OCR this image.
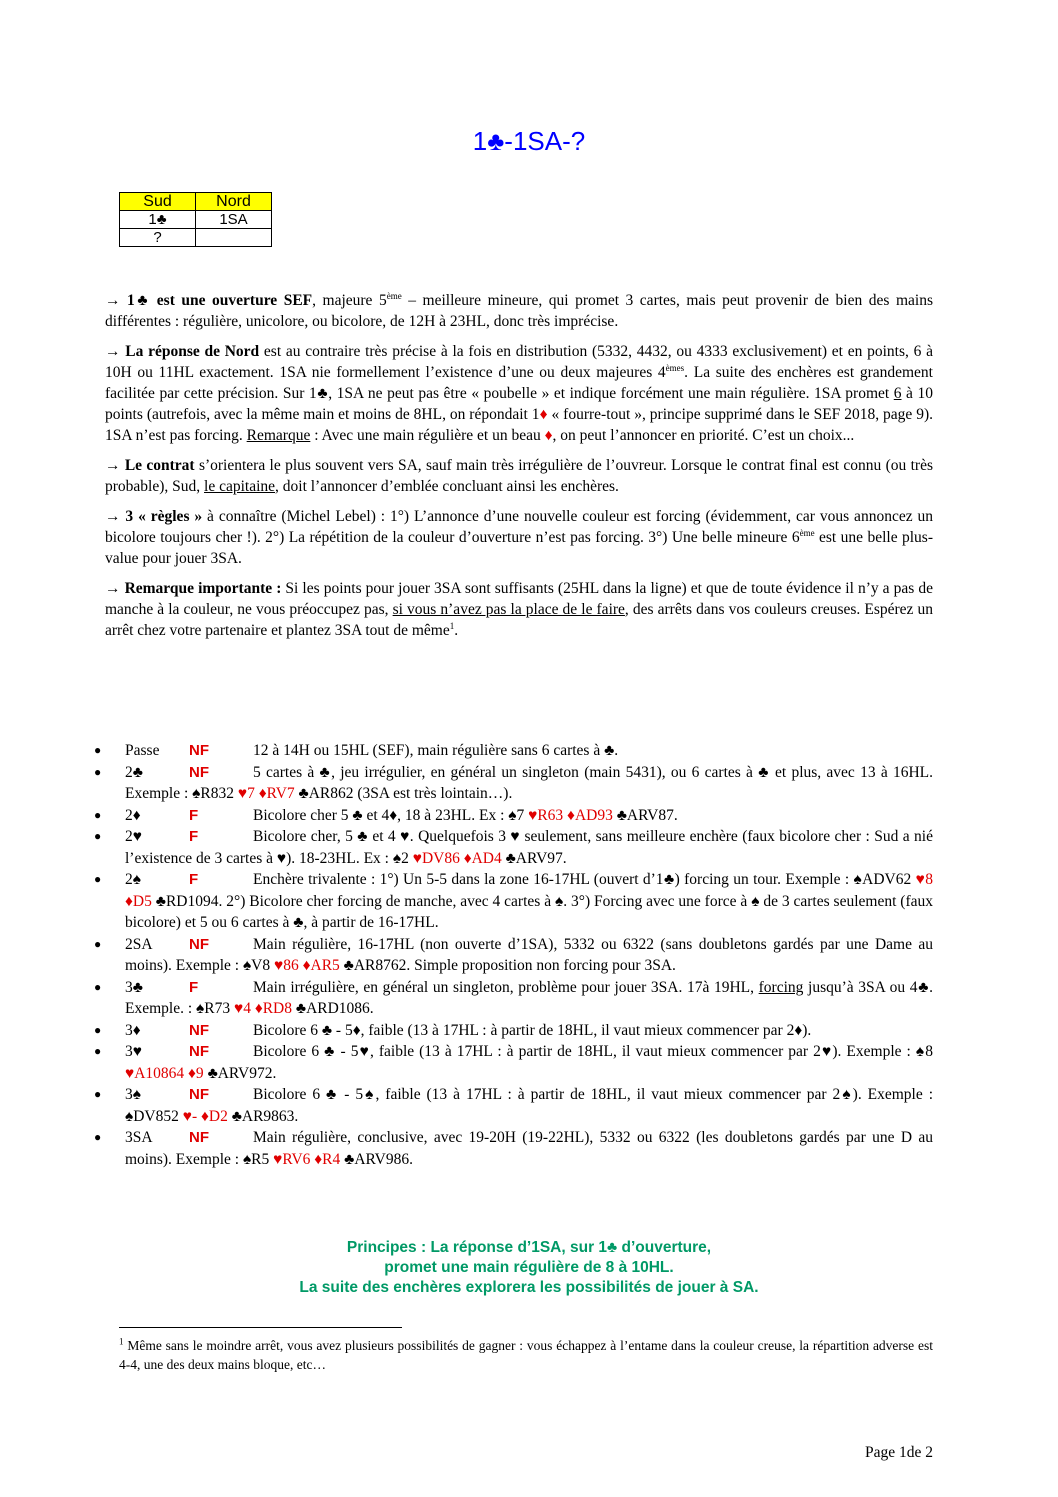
1♣-1SA-?
Sud	Nord
1♣	1SA
?	

→ 1♣ est une ouverture SEF, majeure 5ème – meilleure mineure, qui promet 3 cartes, mais peut provenir de bien des mains différentes : régulière, unicolore, ou bicolore, de 12H à 23HL, donc très imprécise.

→ La réponse de Nord est au contraire très précise à la fois en distribution (5332, 4432, ou 4333 exclusivement) et en points, 6 à 10H ou 11HL exactement. 1SA nie formellement l’existence d’une ou deux majeures 4èmes. La suite des enchères est grandement facilitée par cette précision. Sur 1♣, 1SA ne peut pas être « poubelle » et indique forcément une main régulière. 1SA promet 6 à 10 points (autrefois, avec la même main et moins de 8HL, on répondait 1♦ « fourre-tout », principe supprimé dans le SEF 2018, page 9). 1SA n’est pas forcing. Remarque : Avec une main régulière et un beau ♦, on peut l’annoncer en priorité. C’est un choix...

→ Le contrat s’orientera le plus souvent vers SA, sauf main très irrégulière de l’ouvreur. Lorsque le contrat final est connu (ou très probable), Sud, le capitaine, doit l’annoncer d’emblée concluant ainsi les enchères.

→ 3 « règles » à connaître (Michel Lebel) : 1°) L’annonce d’une nouvelle couleur est forcing (évidemment, car vous annoncez un bicolore toujours cher !). 2°) La répétition de la couleur d’ouverture n’est pas forcing. 3°) Une belle mineure 6ème est une belle plus-value pour jouer 3SA.

→ Remarque importante : Si les points pour jouer 3SA sont suffisants (25HL dans la ligne) et que de toute évidence il n’y a pas de manche à la couleur, ne vous préoccupez pas, si vous n’avez pas la place de le faire, des arrêts dans vos couleurs creuses. Espérez un arrêt chez votre partenaire et plantez 3SA tout de même$^1$.

● Passe NF	12 à 14H ou 15HL (SEF), main régulière sans 6 cartes à ♣.
● 2♣	NF	5 cartes à ♣, jeu irrégulier, en général un singleton (main 5431), ou 6 cartes à ♣ et plus, avec 13 à 16HL. Exemple : ♠R832 ♥7 ♦RV7 ♣AR862 (3SA est très lointain…).
● 2♦	F	Bicolore cher 5 ♣ et 4♦, 18 à 23HL. Ex : ♠7 ♥R63 ♦AD93 ♣ARV87.
● 2♥	F	Bicolore cher, 5 ♣ et 4 ♥. Quelquefois 3 ♥ seulement, sans meilleure enchère (faux bicolore cher : Sud a nié l’existence de 3 cartes à ♥). 18-23HL. Ex : ♠2 ♥DV86 ♦AD4 ♣ARV97.
● 2♠	F	Enchère trivalente : 1°) Un 5-5 dans la zone 16-17HL (ouvert d’1♣) forcing un tour. Exemple : ♠ADV62 ♥8 ♦D5 ♣RD1094. 2°) Bicolore cher forcing de manche, avec 4 cartes à ♠. 3°) Forcing avec une force à ♠ de 3 cartes seulement (faux bicolore) et 5 ou 6 cartes à ♣, à partir de 16-17HL.
● 2SA NF	Main régulière, 16-17HL (non ouverte d’1SA), 5332 ou 6322 (sans doubletons gardés par une Dame au moins). Exemple : ♠V8 ♥86 ♦AR5 ♣AR8762. Simple proposition non forcing pour 3SA.
● 3♣	F	Main irrégulière, en général un singleton, problème pour jouer 3SA. 17à 19HL, forcing jusqu’à 3SA ou 4♣. Exemple. : ♠R73 ♥4 ♦RD8 ♣ARD1086.
● 3♦	NF	Bicolore 6 ♣ - 5♦, faible (13 à 17HL : à partir de 18HL, il vaut mieux commencer par 2♦).
● 3♥	NF	Bicolore 6 ♣ - 5♥, faible (13 à 17HL : à partir de 18HL, il vaut mieux commencer par 2♥). Exemple : ♠8 ♥A10864 ♦9 ♣ARV972.
● 3♠	NF	Bicolore 6 ♣ - 5♠, faible (13 à 17HL : à partir de 18HL, il vaut mieux commencer par 2♠). Exemple : ♠DV852 ♥- ♦D2 ♣AR9863.
● 3SA NF	Main régulière, conclusive, avec 19-20H (19-22HL), 5332 ou 6322 (les doubletons gardés par une D au moins). Exemple : ♠R5 ♥RV6 ♦R4 ♣ARV986.
Principes : La réponse d’1SA, sur 1♣ d’ouverture,
promet une main régulière de 8 à 10HL.
La suite des enchères explorera les possibilités de jouer à SA.
$^1$ Même sans le moindre arrêt, vous avez plusieurs possibilités de gagner : vous échappez à l’entame dans la couleur creuse, la répartition adverse est 4-4, une des deux mains bloque, etc…
Page 1de 2
